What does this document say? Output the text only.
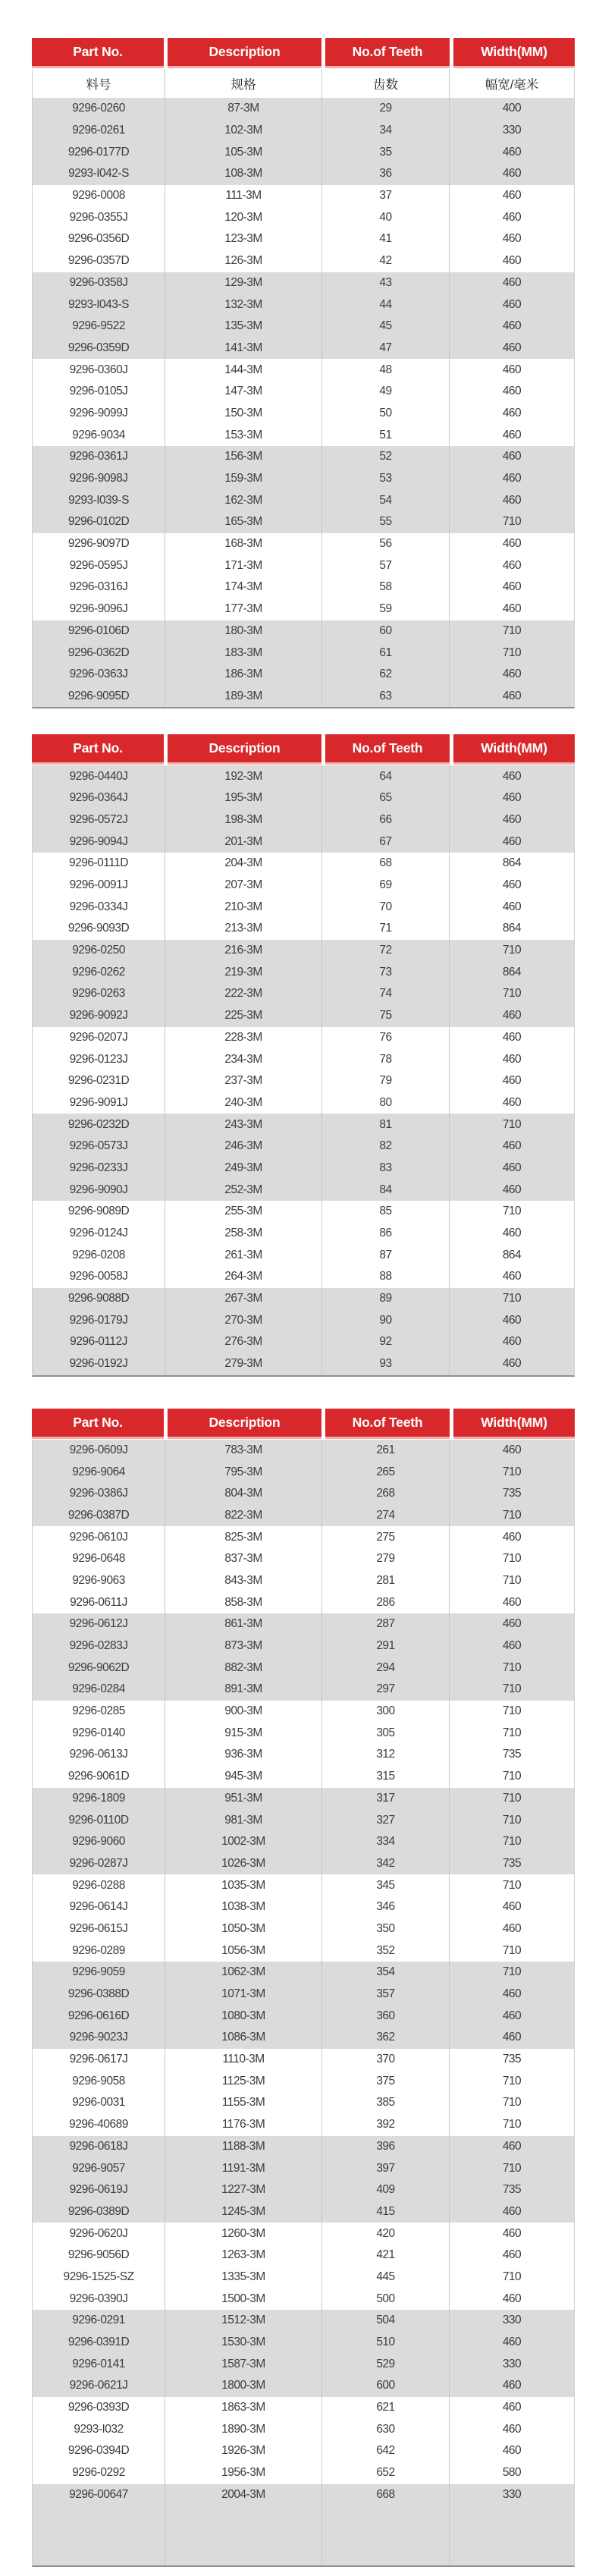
Part No.	Description	No.of Teeth	Width(MM)
料号	规格	齿数	幅宽/毫米
9296-0260	87-3M	29	400
9296-0261	102-3M	34	330
9296-0177D	105-3M	35	460
9293-I042-S	108-3M	36	460
9296-0008	111-3M	37	460
9296-0355J	120-3M	40	460
9296-0356D	123-3M	41	460
9296-0357D	126-3M	42	460
9296-0358J	129-3M	43	460
9293-I043-S	132-3M	44	460
9296-9522	135-3M	45	460
9296-0359D	141-3M	47	460
9296-0360J	144-3M	48	460
9296-0105J	147-3M	49	460
9296-9099J	150-3M	50	460
9296-9034	153-3M	51	460
9296-0361J	156-3M	52	460
9296-9098J	159-3M	53	460
9293-I039-S	162-3M	54	460
9296-0102D	165-3M	55	710
9296-9097D	168-3M	56	460
9296-0595J	171-3M	57	460
9296-0316J	174-3M	58	460
9296-9096J	177-3M	59	460
9296-0106D	180-3M	60	710
9296-0362D	183-3M	61	710
9296-0363J	186-3M	62	460
9296-9095D	189-3M	63	460
Part No.	Description	No.of Teeth	Width(MM)
9296-0440J	192-3M	64	460
9296-0364J	195-3M	65	460
9296-0572J	198-3M	66	460
9296-9094J	201-3M	67	460
9296-0111D	204-3M	68	864
9296-0091J	207-3M	69	460
9296-0334J	210-3M	70	460
9296-9093D	213-3M	71	864
9296-0250	216-3M	72	710
9296-0262	219-3M	73	864
9296-0263	222-3M	74	710
9296-9092J	225-3M	75	460
9296-0207J	228-3M	76	460
9296-0123J	234-3M	78	460
9296-0231D	237-3M	79	460
9296-9091J	240-3M	80	460
9296-0232D	243-3M	81	710
9296-0573J	246-3M	82	460
9296-0233J	249-3M	83	460
9296-9090J	252-3M	84	460
9296-9089D	255-3M	85	710
9296-0124J	258-3M	86	460
9296-0208	261-3M	87	864
9296-0058J	264-3M	88	460
9296-9088D	267-3M	89	710
9296-0179J	270-3M	90	460
9296-0112J	276-3M	92	460
9296-0192J	279-3M	93	460
Part No.	Description	No.of Teeth	Width(MM)
9296-0609J	783-3M	261	460
9296-9064	795-3M	265	710
9296-0386J	804-3M	268	735
9296-0387D	822-3M	274	710
9296-0610J	825-3M	275	460
9296-0648	837-3M	279	710
9296-9063	843-3M	281	710
9296-0611J	858-3M	286	460
9296-0612J	861-3M	287	460
9296-0283J	873-3M	291	460
9296-9062D	882-3M	294	710
9296-0284	891-3M	297	710
9296-0285	900-3M	300	710
9296-0140	915-3M	305	710
9296-0613J	936-3M	312	735
9296-9061D	945-3M	315	710
9296-1809	951-3M	317	710
9296-0110D	981-3M	327	710
9296-9060	1002-3M	334	710
9296-0287J	1026-3M	342	735
9296-0288	1035-3M	345	710
9296-0614J	1038-3M	346	460
9296-0615J	1050-3M	350	460
9296-0289	1056-3M	352	710
9296-9059	1062-3M	354	710
9296-0388D	1071-3M	357	460
9296-0616D	1080-3M	360	460
9296-9023J	1086-3M	362	460
9296-0617J	1110-3M	370	735
9296-9058	1125-3M	375	710
9296-0031	1155-3M	385	710
9296-40689	1176-3M	392	710
9296-0618J	1188-3M	396	460
9296-9057	1191-3M	397	710
9296-0619J	1227-3M	409	735
9296-0389D	1245-3M	415	460
9296-0620J	1260-3M	420	460
9296-9056D	1263-3M	421	460
9296-1525-SZ	1335-3M	445	710
9296-0390J	1500-3M	500	460
9296-0291	1512-3M	504	330
9296-0391D	1530-3M	510	460
9296-0141	1587-3M	529	330
9296-0621J	1800-3M	600	460
9296-0393D	1863-3M	621	460
9293-I032	1890-3M	630	460
9296-0394D	1926-3M	642	460
9296-0292	1956-3M	652	580
9296-00647	2004-3M	668	330
